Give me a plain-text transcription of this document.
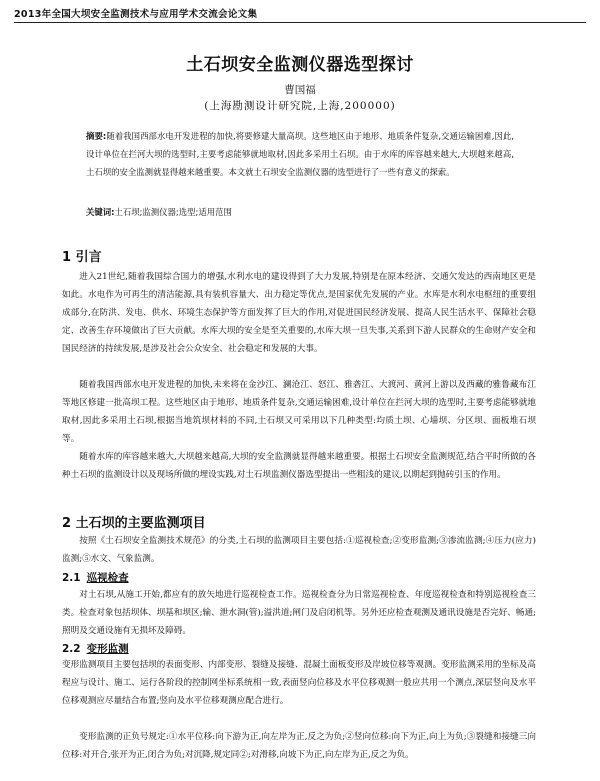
2013年全国大坝安全监测技术与应用学术交流会论文集
土石坝安全监测仪器选型探讨
曹国福
(上海勘测设计研究院,上海,200000)
摘要:随着我国西部水电开发进程的加快,将要修建大量高坝。这些地区由于地形、地质条件复杂,交通运输困难,因此,设计单位在拦河大坝的选型时,主要考虑能够就地取材,因此多采用土石坝。由于水库的库容越来越大,大坝越来越高,土石坝的安全监测就显得越来越重要。本文就土石坝安全监测仪器的选型进行了一些有意义的探索。
关键词:土石坝;监测仪器;选型;适用范围
1 引言

进入21世纪,随着我国综合国力的增强,水利水电的建设得到了大力发展,特别是在原本经济、交通欠发达的西南地区更是如此。水电作为可再生的清洁能源,具有装机容量大、出力稳定等优点,是国家优先发展的产业。水库是水利水电枢纽的重要组成部分,在防洪、发电、供水、环境生态保护等方面发挥了巨大的作用,对促进国民经济发展、提高人民生活水平、保障社会稳定、改善生存环境做出了巨大贡献。水库大坝的安全是至关重要的,水库大坝一旦失事,关系到下游人民群众的生命财产安全和国民经济的持续发展,是涉及社会公众安全、社会稳定和发展的大事。

随着我国西部水电开发进程的加快,未来将在金沙江、澜沧江、怒江、雅砻江、大渡河、黄河上游以及西藏的雅鲁藏布江等地区修建一批高坝工程。这些地区由于地形、地质条件复杂,交通运输困难,设计单位在拦河大坝的选型时,主要考虑能够就地取材,因此多采用土石坝,根据当地筑坝材料的不同,土石坝又可采用以下几种类型:均质土坝、心墙坝、分区坝、面板堆石坝等。

随着水库的库容越来越大,大坝越来越高,大坝的安全监测就显得越来越重要。根据土石坝安全监测规范,结合平时所做的各种土石坝的监测设计以及现场所做的埋设实践,对土石坝监测仪器选型提出一些粗浅的建议,以期起到抛砖引玉的作用。

2 土石坝的主要监测项目

按照《土石坝安全监测技术规范》的分类,土石坝的监测项目主要包括:①巡视检查;②变形监测;③渗流监测;④压力(应力)监测;⑤水文、气象监测。

2.1 巡视检查

对土石坝,从施工开始,都应有的放矢地进行巡视检查工作。巡视检查分为日常巡视检查、年度巡视检查和特别巡视检查三类。检查对象包括坝体、坝基和坝区;输、泄水洞(管);溢洪道;闸门及启闭机等。另外还应检查观测及通讯设施是否完好、畅通;照明及交通设施有无损坏及障碍。

2.2 变形监测

变形监测项目主要包括坝的表面变形、内部变形、裂缝及接缝、混凝土面板变形及岸坡位移等观测。变形监测采用的坐标及高程应与设计、施工、运行各阶段的控制网坐标系统相一致,表面竖向位移及水平位移观测一般应共用一个测点,深层竖向及水平位移观测应尽量结合布置;竖向及水平位移观测应配合进行。

变形监测的正负号规定:①水平位移:向下游为正,向左岸为正,反之为负;②竖向位移:向下为正,向上为负;③裂缝和接缝三向位移:对开合,张开为正,闭合为负;对沉降,规定同②;对滑移,向坡下为正,向左岸为正,反之为负。
